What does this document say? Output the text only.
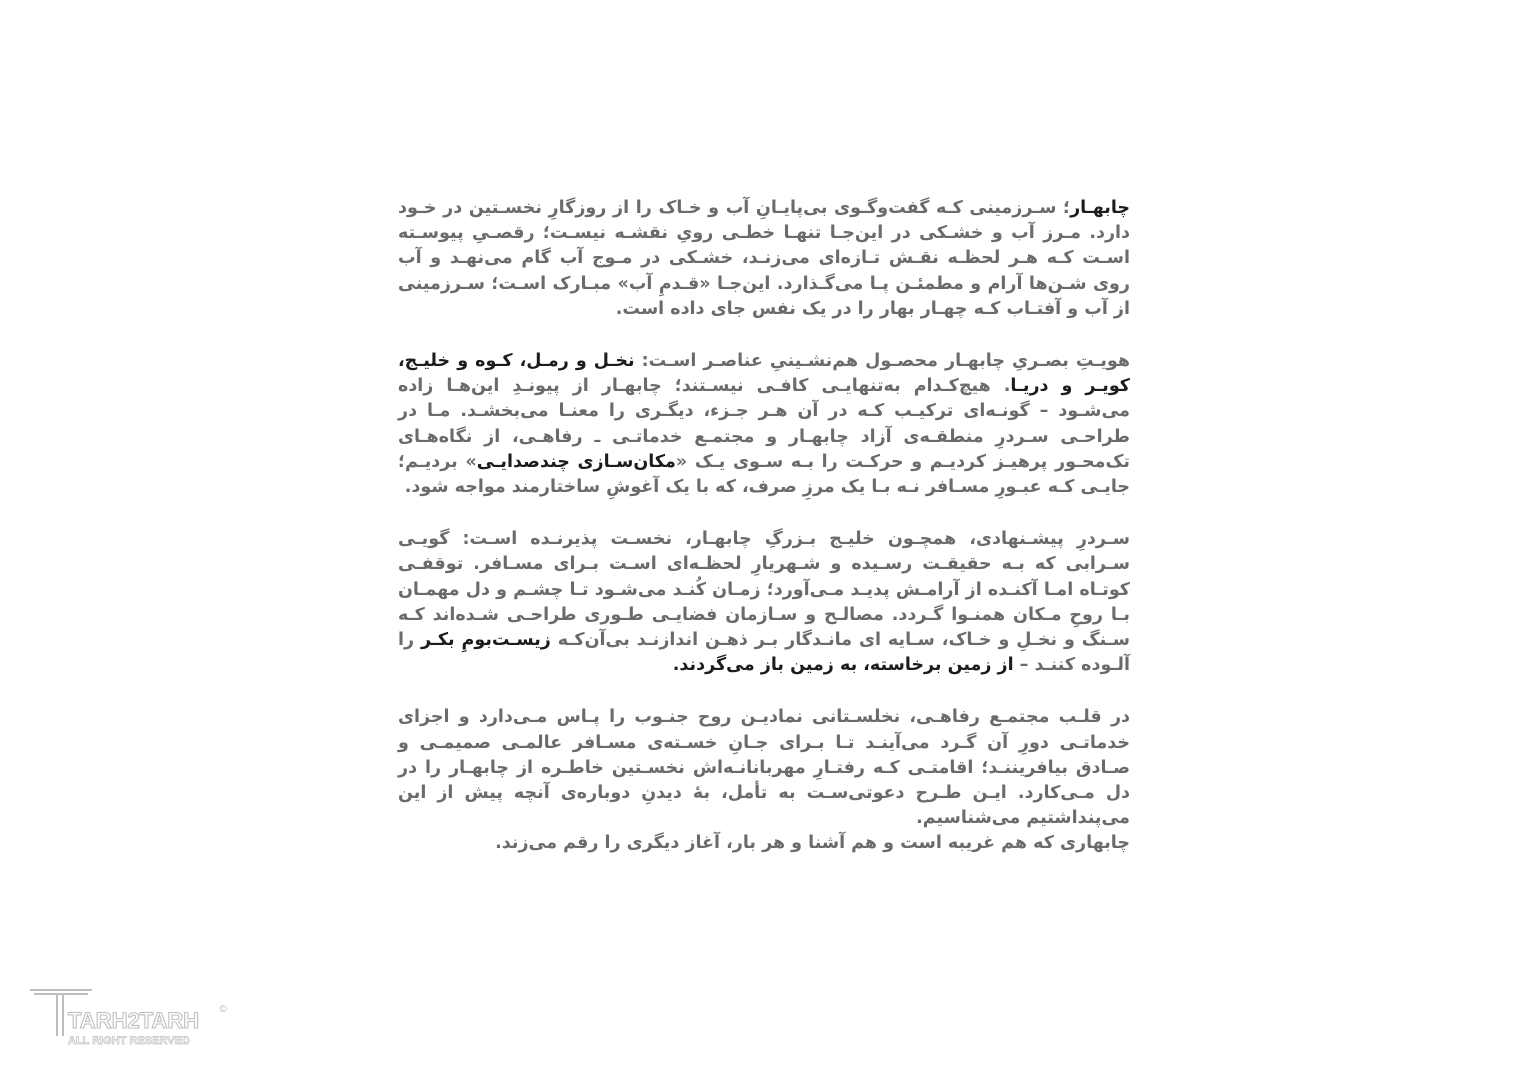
چابهـار؛ سـرزمینی کـه گفت‌وگـوی بی‌پایـانِ آب و خـاک را از روزگارِ نخسـتین در خـود دارد. مـرز آب و خشـکی در این‌جـا تنهـا خطـی رویِ نقشـه نیسـت؛ رقصـیِ پیوسـته اسـت کـه هـر لحظـه نقـش تـازه‌ای می‌زنـد، خشـکی در مـوج آب گام می‌نهـد و آب روی شـن‌ها آرام و مطمئـن پـا می‌گـذارد. این‌جـا «قـدمِ آب» مبـارک اسـت؛ سـرزمینی از آب و آفتـاب کـه چهـار بهار را در یک نفس جای داده است.

هویـتِ بصـریِ چابهـار محصـول هم‌نشـینیِ عناصـر اسـت: نخـل و رمـل، کـوه و خلیـج، کویـر و دریـا. هیچ‌کـدام به‌تنهایـی کافـی نیسـتند؛ چابهـار از پیونـدِ این‌هـا زاده می‌شـود – گونـه‌ای ترکیـب کـه در آن هـر جـزء، دیگـری را معنـا می‌بخشـد. مـا در طراحـی سـردرِ منطقـه‌ی آزاد چابهـار و مجتمـع خدماتـی ـ رفاهـی، از نگاه‌هـای تک‌محـور پرهیـز کردیـم و حرکـت را بـه سـوی یـک «مکان‌سـازی چندصدایـی» بردیـم؛ جایـی کـه عبـورِ مسـافر نـه بـا یک مرزِ صرف، که با یک آغوشِ ساختارمند مواجه شود.

سـردرِ پیشـنهادی، همچـون خلیـج بـزرگِ چابهـار، نخسـت پذیرنـده اسـت: گویـی سـرابی که بـه حقیقـت رسـیده و شـهریارِ لحظـه‌ای اسـت بـرای مسـافر. توقفـی کوتـاه امـا آکنـده از آرامـش پدیـد مـی‌آورد؛ زمـان کُنـد می‌شـود تـا چشـم و دل مهمـان بـا روحِ مـکان همنـوا گـردد. مصالـح و سـازمان فضایـی طـوری طراحـی شـده‌اند کـه سـنگ و نخـلِ و خـاک، سـایه ای مانـدگار بـر ذهـن اندازنـد بی‌آن‌کـه زیسـت‌بومِ بکـر را آلـوده کننـد – از زمین برخاسته، به زمین باز می‌گردند.

در قلـب مجتمـع رفاهـی، نخلسـتانی نمادیـن روح جنـوب را پـاس مـی‌دارد و اجزای خدماتـی دورِ آن گـرد می‌آینـد تـا بـرای جـانِ خسـته‌ی مسـافر عالمـی صمیمـی و صـادق بیافریننـد؛ اقامتـی کـه رفتـارِ مهربانانـه‌اش نخسـتین خاطـره از چابهـار را در دل مـی‌کارد. ایـن طـرح دعوتی‌سـت به تأمل، بهٔ دیدنِ دوباره‌ی آنچه پیش از این می‌پنداشتیم می‌شناسیم.
چابهاری که هم غریبه است و هم آشنا و هر بار، آغاز دیگری را رقم می‌زند.

TARH2TARH
ALL RIGHT RESERVED
©
